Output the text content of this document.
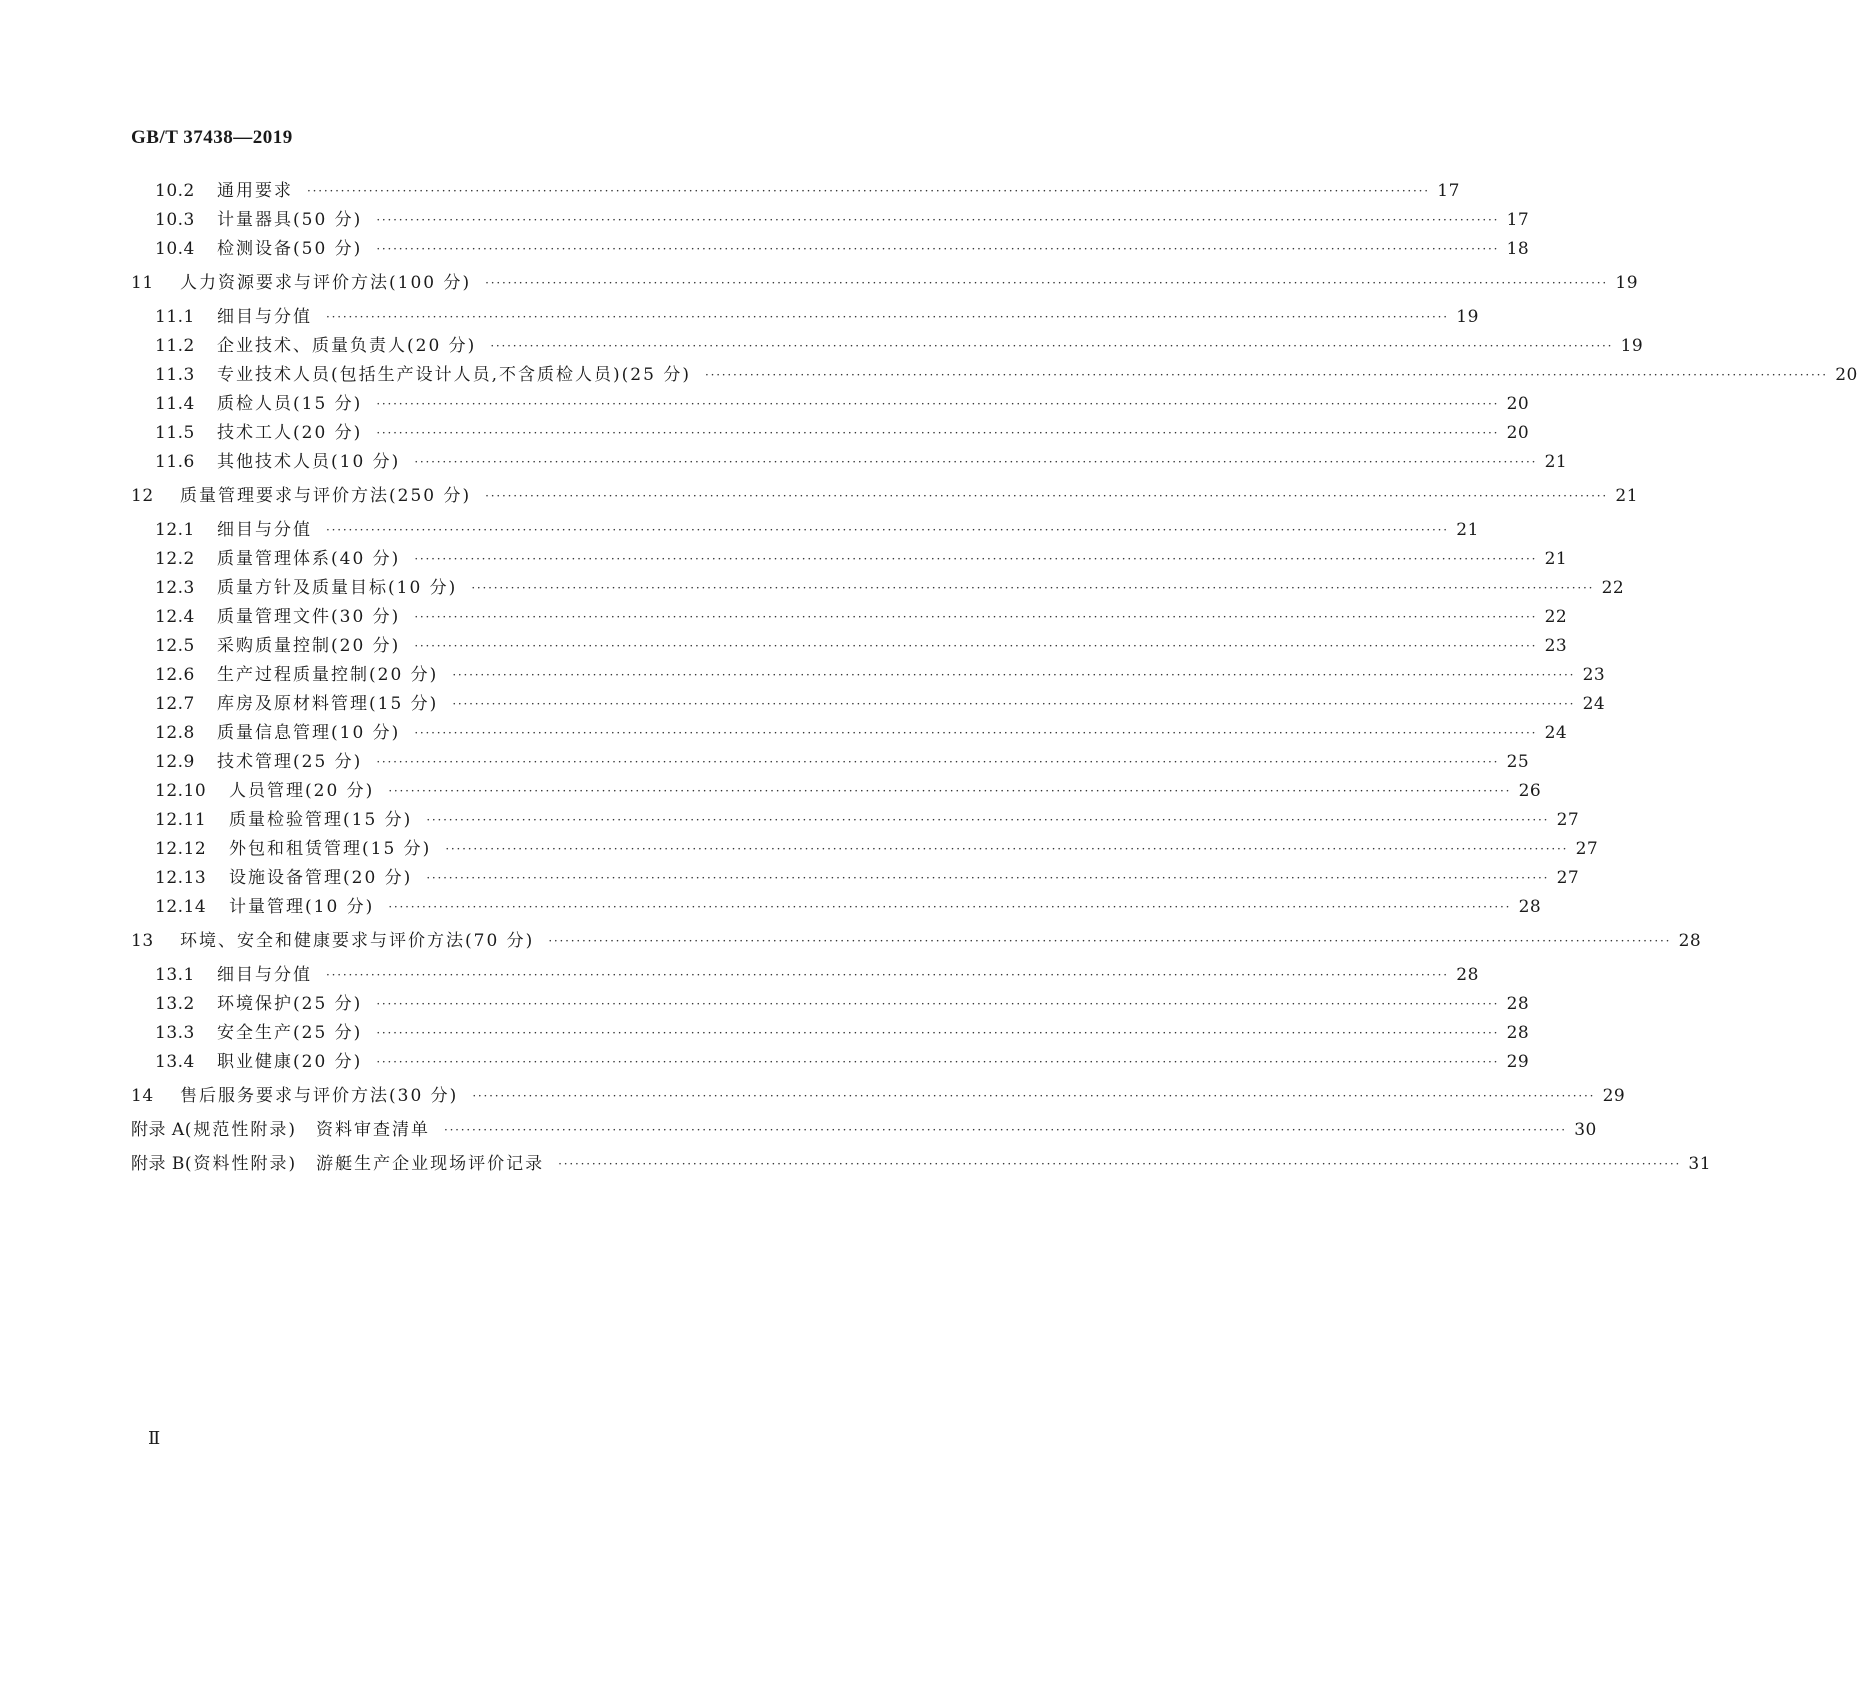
GB/T 37438—2019
10.2	通用要求 ········································································································································································································ 17
10.3	计量器具(50 分) ········································································································································································································ 17
10.4	检测设备(50 分) ········································································································································································································ 18
11	人力资源要求与评价方法(100 分) ········································································································································································································ 19
11.1	细目与分值 ········································································································································································································ 19
11.2	企业技术、质量负责人(20 分) ········································································································································································································ 19
11.3	专业技术人员(包括生产设计人员,不含质检人员)(25 分) ········································································································································································································ 20
11.4	质检人员(15 分) ········································································································································································································ 20
11.5	技术工人(20 分) ········································································································································································································ 20
11.6	其他技术人员(10 分) ········································································································································································································ 21
12	质量管理要求与评价方法(250 分) ········································································································································································································ 21
12.1	细目与分值 ········································································································································································································ 21
12.2	质量管理体系(40 分) ········································································································································································································ 21
12.3	质量方针及质量目标(10 分) ········································································································································································································ 22
12.4	质量管理文件(30 分) ········································································································································································································ 22
12.5	采购质量控制(20 分) ········································································································································································································ 23
12.6	生产过程质量控制(20 分) ········································································································································································································ 23
12.7	库房及原材料管理(15 分) ········································································································································································································ 24
12.8	质量信息管理(10 分) ········································································································································································································ 24
12.9	技术管理(25 分) ········································································································································································································ 25
12.10	人员管理(20 分) ········································································································································································································ 26
12.11	质量检验管理(15 分) ········································································································································································································ 27
12.12	外包和租赁管理(15 分) ········································································································································································································ 27
12.13	设施设备管理(20 分) ········································································································································································································ 27
12.14	计量管理(10 分) ········································································································································································································ 28
13	环境、安全和健康要求与评价方法(70 分) ········································································································································································································ 28
13.1	细目与分值 ········································································································································································································ 28
13.2	环境保护(25 分) ········································································································································································································ 28
13.3	安全生产(25 分) ········································································································································································································ 28
13.4	职业健康(20 分) ········································································································································································································ 29
14	售后服务要求与评价方法(30 分) ········································································································································································································ 29
附录 A (规范性附录)　资料审查清单 ········································································································································································································ 30
附录 B (资料性附录)　游艇生产企业现场评价记录 ········································································································································································································ 31
Ⅱ
